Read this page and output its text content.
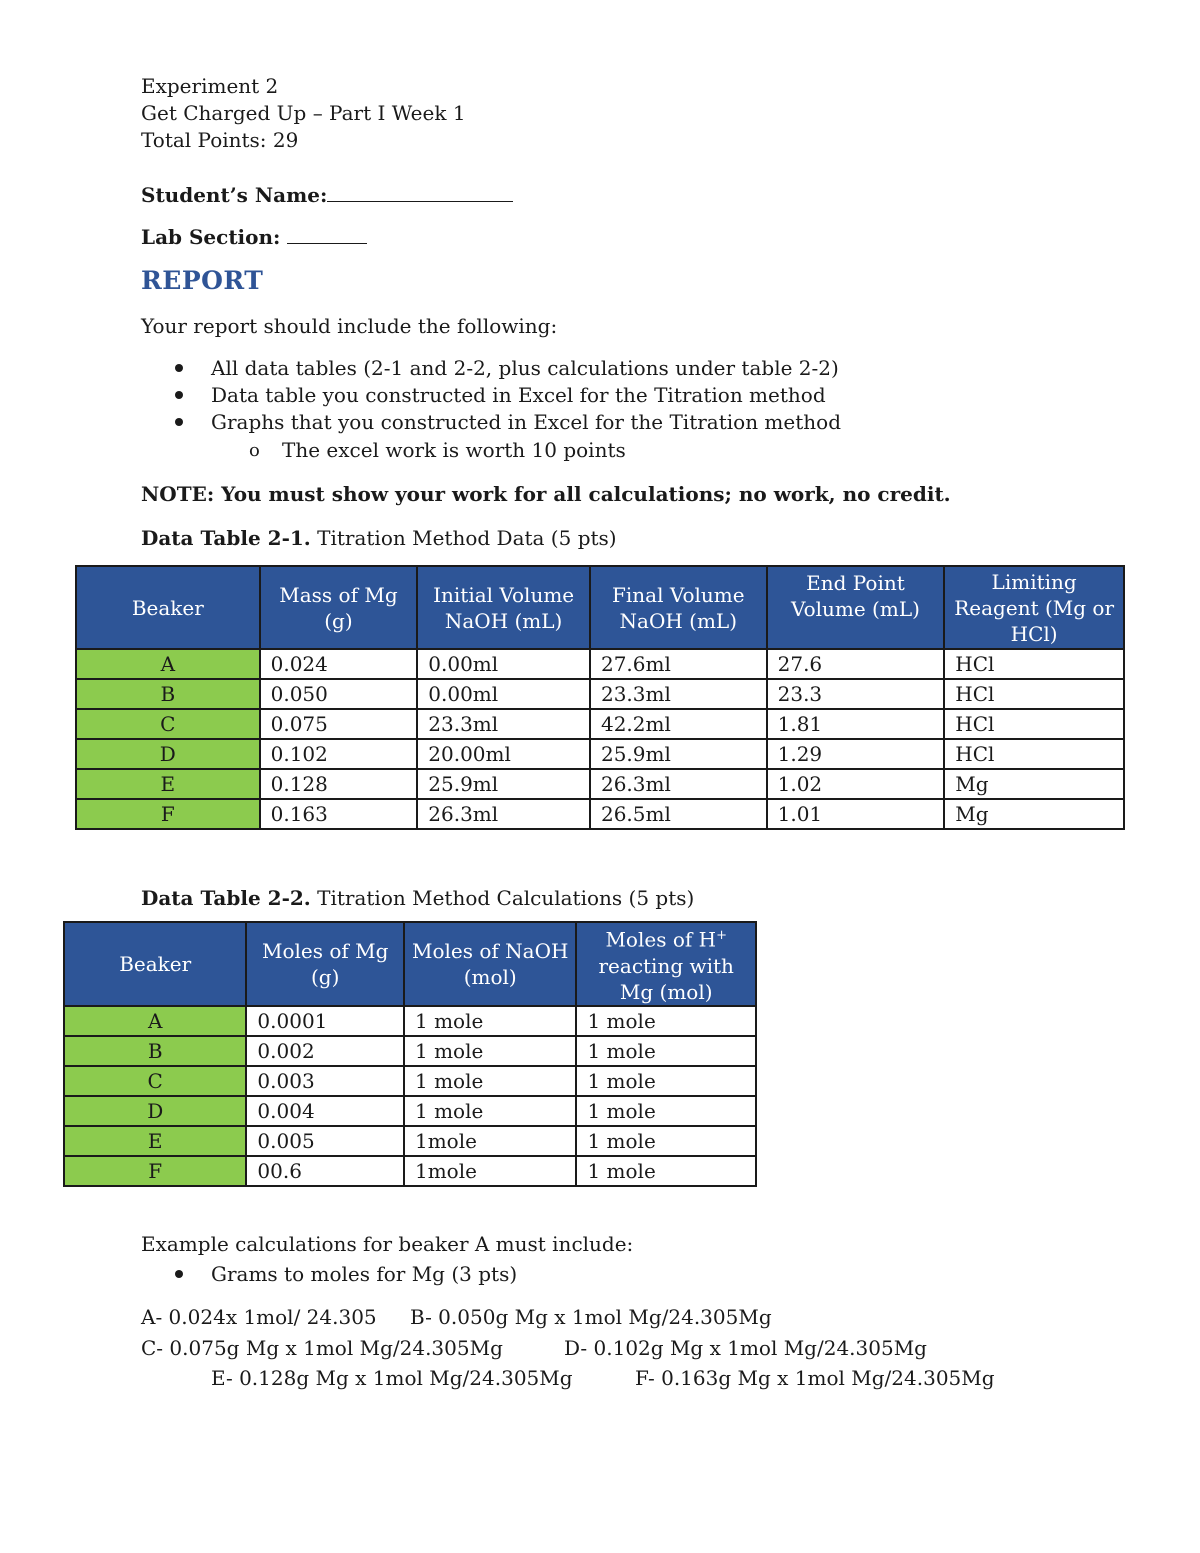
Experiment 2
Get Charged Up – Part I Week 1
Total Points: 29
Student’s Name:
Lab Section:
REPORT
Your report should include the following:
All data tables (2-1 and 2-2, plus calculations under table 2-2)
Data table you constructed in Excel for the Titration method
Graphs that you constructed in Excel for the Titration method
o The excel work is worth 10 points
NOTE: You must show your work for all calculations; no work, no credit.
Data Table 2-1. Titration Method Data (5 pts)
Beaker	Mass of Mg (g)	Initial Volume NaOH (mL)	Final Volume NaOH (mL)	End Point Volume (mL)	Limiting Reagent (Mg or HCl)
A	0.024	0.00ml	27.6ml	27.6	HCl
B	0.050	0.00ml	23.3ml	23.3	HCl
C	0.075	23.3ml	42.2ml	1.81	HCl
D	0.102	20.00ml	25.9ml	1.29	HCl
E	0.128	25.9ml	26.3ml	1.02	Mg
F	0.163	26.3ml	26.5ml	1.01	Mg
Data Table 2-2. Titration Method Calculations (5 pts)
Beaker	Moles of Mg (g)	Moles of NaOH (mol)	Moles of H+ reacting with Mg (mol)
A	0.0001	1 mole	1 mole
B	0.002	1 mole	1 mole
C	0.003	1 mole	1 mole
D	0.004	1 mole	1 mole
E	0.005	1mole	1 mole
F	00.6	1mole	1 mole
Example calculations for beaker A must include:
Grams to moles for Mg (3 pts)
A- 0.024x 1mol/ 24.305 B- 0.050g Mg x 1mol Mg/24.305Mg
C- 0.075g Mg x 1mol Mg/24.305Mg	D- 0.102g Mg x 1mol Mg/24.305Mg
E- 0.128g Mg x 1mol Mg/24.305Mg	F- 0.163g Mg x 1mol Mg/24.305Mg
